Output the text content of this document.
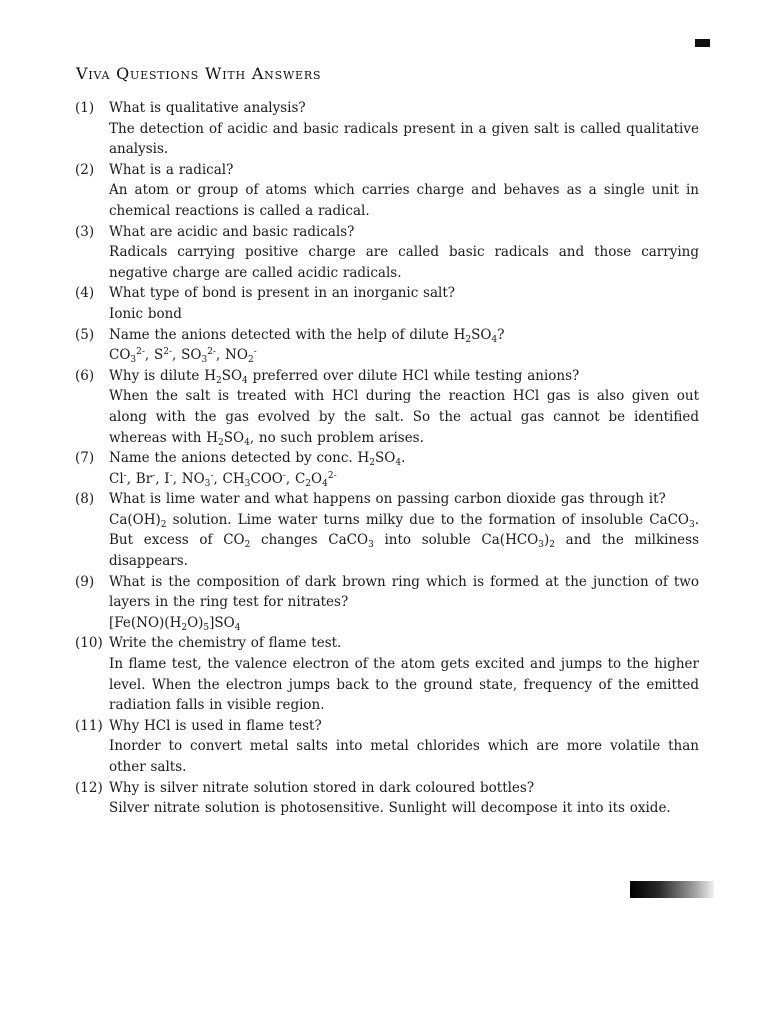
Viva Questions With Answers
(1)	What is qualitative analysis?
The detection of acidic and basic radicals present in a given salt is called qualitative analysis.
(2)	What is a radical?
An atom or group of atoms which carries charge and behaves as a single unit in chemical reactions is called a radical.
(3)	What are acidic and basic radicals?
Radicals carrying positive charge are called basic radicals and those carrying negative charge are called acidic radicals.
(4)	What type of bond is present in an inorganic salt?
Ionic bond
(5)	Name the anions detected with the help of dilute $H_2SO_4$?
$CO_3^{2-}$, $S^{2-}$, $SO_3^{2-}$, $NO_2^-$
(6)	Why is dilute $H_2SO_4$ preferred over dilute HCl while testing anions?
When the salt is treated with HCl during the reaction HCl gas is also given out along with the gas evolved by the salt. So the actual gas cannot be identified whereas with $H_2SO_4$, no such problem arises.
(7)	Name the anions detected by conc. $H_2SO_4$.
Cl-, Br-, I-, $NO_3^-$, $CH_3COO^-$, $C_2O_4^{2-}$
(8)	What is lime water and what happens on passing carbon dioxide gas through it?
$Ca(OH)_2$ solution. Lime water turns milky due to the formation of insoluble CaCO$_3$. But excess of $CO_2$ changes CaCO$_3$ into soluble $Ca(HCO_3)_2$ and the milkiness disappears.
(9)	What is the composition of dark brown ring which is formed at the junction of two layers in the ring test for nitrates?
$[Fe(NO)(H_2O)_5]SO_4$
(10) Write the chemistry of flame test.
In flame test, the valence electron of the atom gets excited and jumps to the higher level. When the electron jumps back to the ground state, frequency of the emitted radiation falls in visible region.
(11) Why HCl is used in flame test?
Inorder to convert metal salts into metal chlorides which are more volatile than other salts.
(12) Why is silver nitrate solution stored in dark coloured bottles?
Silver nitrate solution is photosensitive. Sunlight will decompose it into its oxide.
